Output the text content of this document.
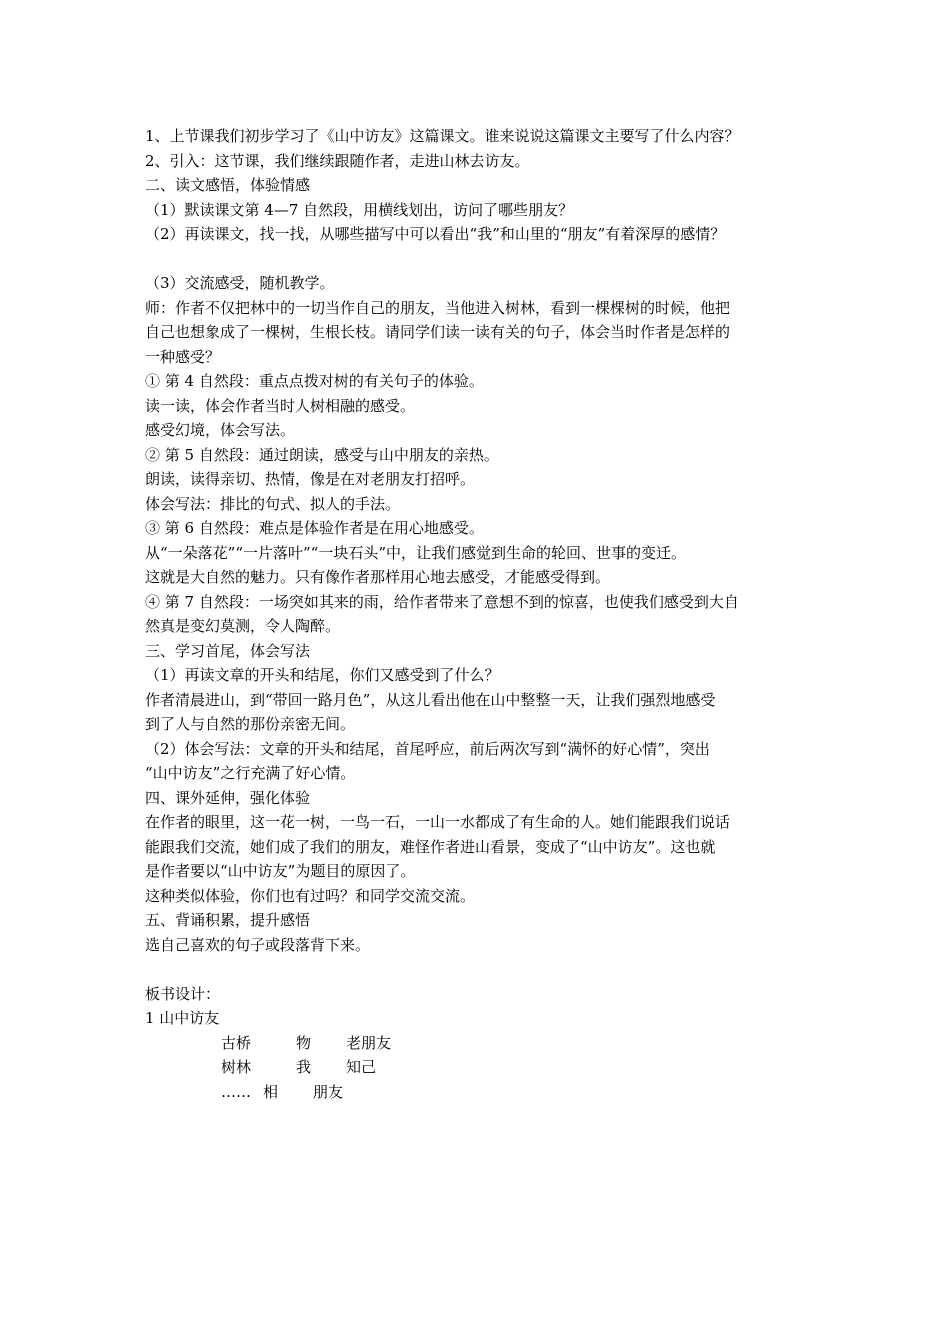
1、上节课我们初步学习了《山中访友》这篇课文。谁来说说这篇课文主要写了什么内容？
2、引入：这节课，我们继续跟随作者，走进山林去访友。
二、读文感悟，体验情感
（1）默读课文第 4—7 自然段，用横线划出，访问了哪些朋友？
（2）再读课文，找一找，从哪些描写中可以看出“我”和山里的“朋友”有着深厚的感情？
（3）交流感受，随机教学。
师：作者不仅把林中的一切当作自己的朋友，当他进入树林，看到一棵棵树的时候，他把
自己也想象成了一棵树，生根长枝。请同学们读一读有关的句子，体会当时作者是怎样的
一种感受？
① 第 4 自然段：重点点拨对树的有关句子的体验。
读一读，体会作者当时人树相融的感受。
感受幻境，体会写法。
② 第 5 自然段：通过朗读，感受与山中朋友的亲热。
朗读，读得亲切、热情，像是在对老朋友打招呼。
体会写法：排比的句式、拟人的手法。
③ 第 6 自然段：难点是体验作者是在用心地感受。
从“一朵落花”“一片落叶”“一块石头”中，让我们感觉到生命的轮回、世事的变迁。
这就是大自然的魅力。只有像作者那样用心地去感受，才能感受得到。
④ 第 7 自然段：一场突如其来的雨，给作者带来了意想不到的惊喜，也使我们感受到大自
然真是变幻莫测，令人陶醉。
三、学习首尾，体会写法
（1）再读文章的开头和结尾，你们又感受到了什么？
作者清晨进山，到“带回一路月色”，从这儿看出他在山中整整一天，让我们强烈地感受
到了人与自然的那份亲密无间。
（2）体会写法：文章的开头和结尾，首尾呼应，前后两次写到“满怀的好心情”，突出
“山中访友”之行充满了好心情。
四、课外延伸，强化体验
在作者的眼里，这一花一树，一鸟一石，一山一水都成了有生命的人。她们能跟我们说话
能跟我们交流，她们成了我们的朋友，难怪作者进山看景，变成了“山中访友”。这也就
是作者要以“山中访友”为题目的原因了。
这种类似体验，你们也有过吗？和同学交流交流。
五、背诵积累，提升感悟
选自己喜欢的句子或段落背下来。
板书设计：
1 山中访友
古桥	物 老朋友
树林	我 知己
…… 相 朋友
